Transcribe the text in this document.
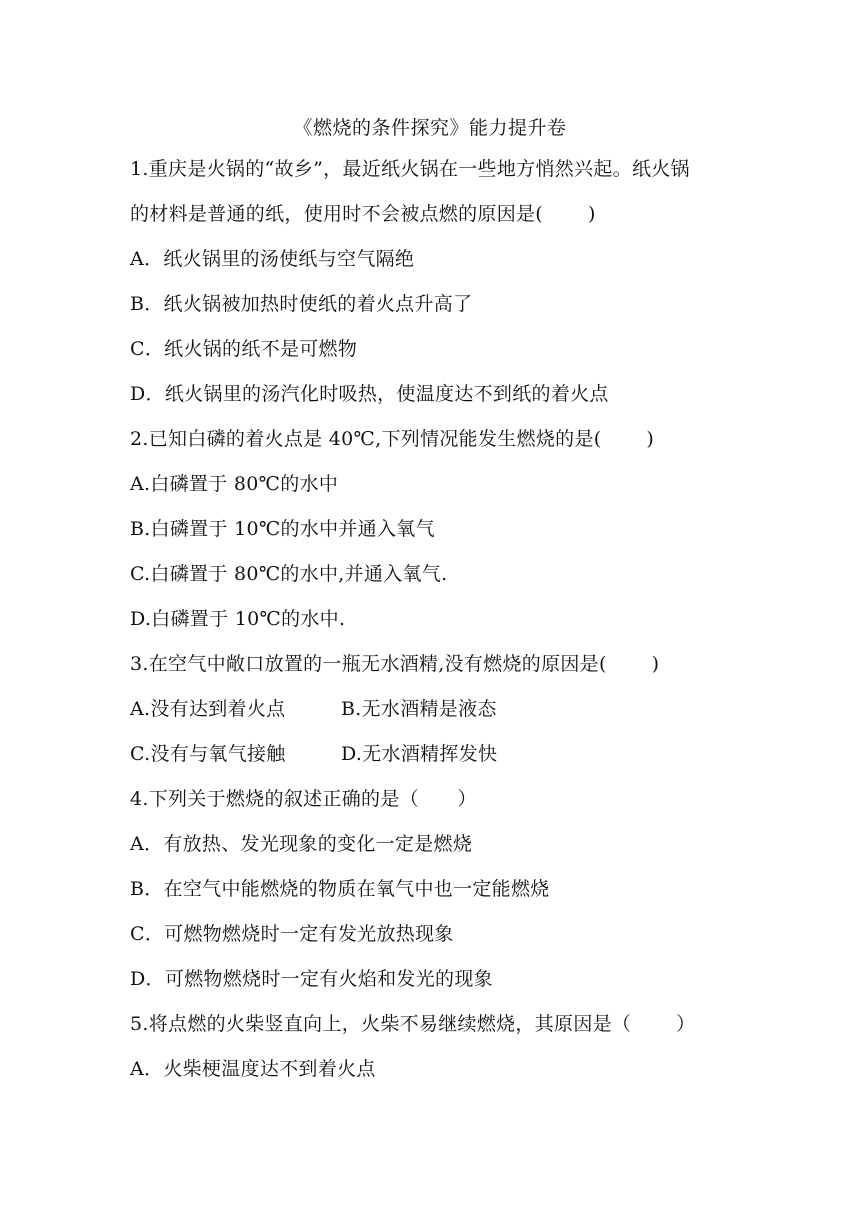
《燃烧的条件探究》能力提升卷
1.重庆是火锅的“故乡”，最近纸火锅在一些地方悄然兴起。纸火锅
的材料是普通的纸，使用时不会被点燃的原因是(　　 )
A．纸火锅里的汤使纸与空气隔绝
B．纸火锅被加热时使纸的着火点升高了
C．纸火锅的纸不是可燃物
D．纸火锅里的汤汽化时吸热，使温度达不到纸的着火点
2.已知白磷的着火点是 40℃,下列情况能发生燃烧的是(　　 )
A.白磷置于 80℃的水中
B.白磷置于 10℃的水中并通入氧气
C.白磷置于 80℃的水中,并通入氧气.
D.白磷置于 10℃的水中.
3.在空气中敞口放置的一瓶无水酒精,没有燃烧的原因是(　　 )
A.没有达到着火点	B.无水酒精是液态
C.没有与氧气接触	D.无水酒精挥发快
4.下列关于燃烧的叙述正确的是（　　）
A．有放热、发光现象的变化一定是燃烧
B．在空气中能燃烧的物质在氧气中也一定能燃烧
C．可燃物燃烧时一定有发光放热现象
D．可燃物燃烧时一定有火焰和发光的现象
5.将点燃的火柴竖直向上，火柴不易继续燃烧，其原因是（　　 ）
A．火柴梗温度达不到着火点
